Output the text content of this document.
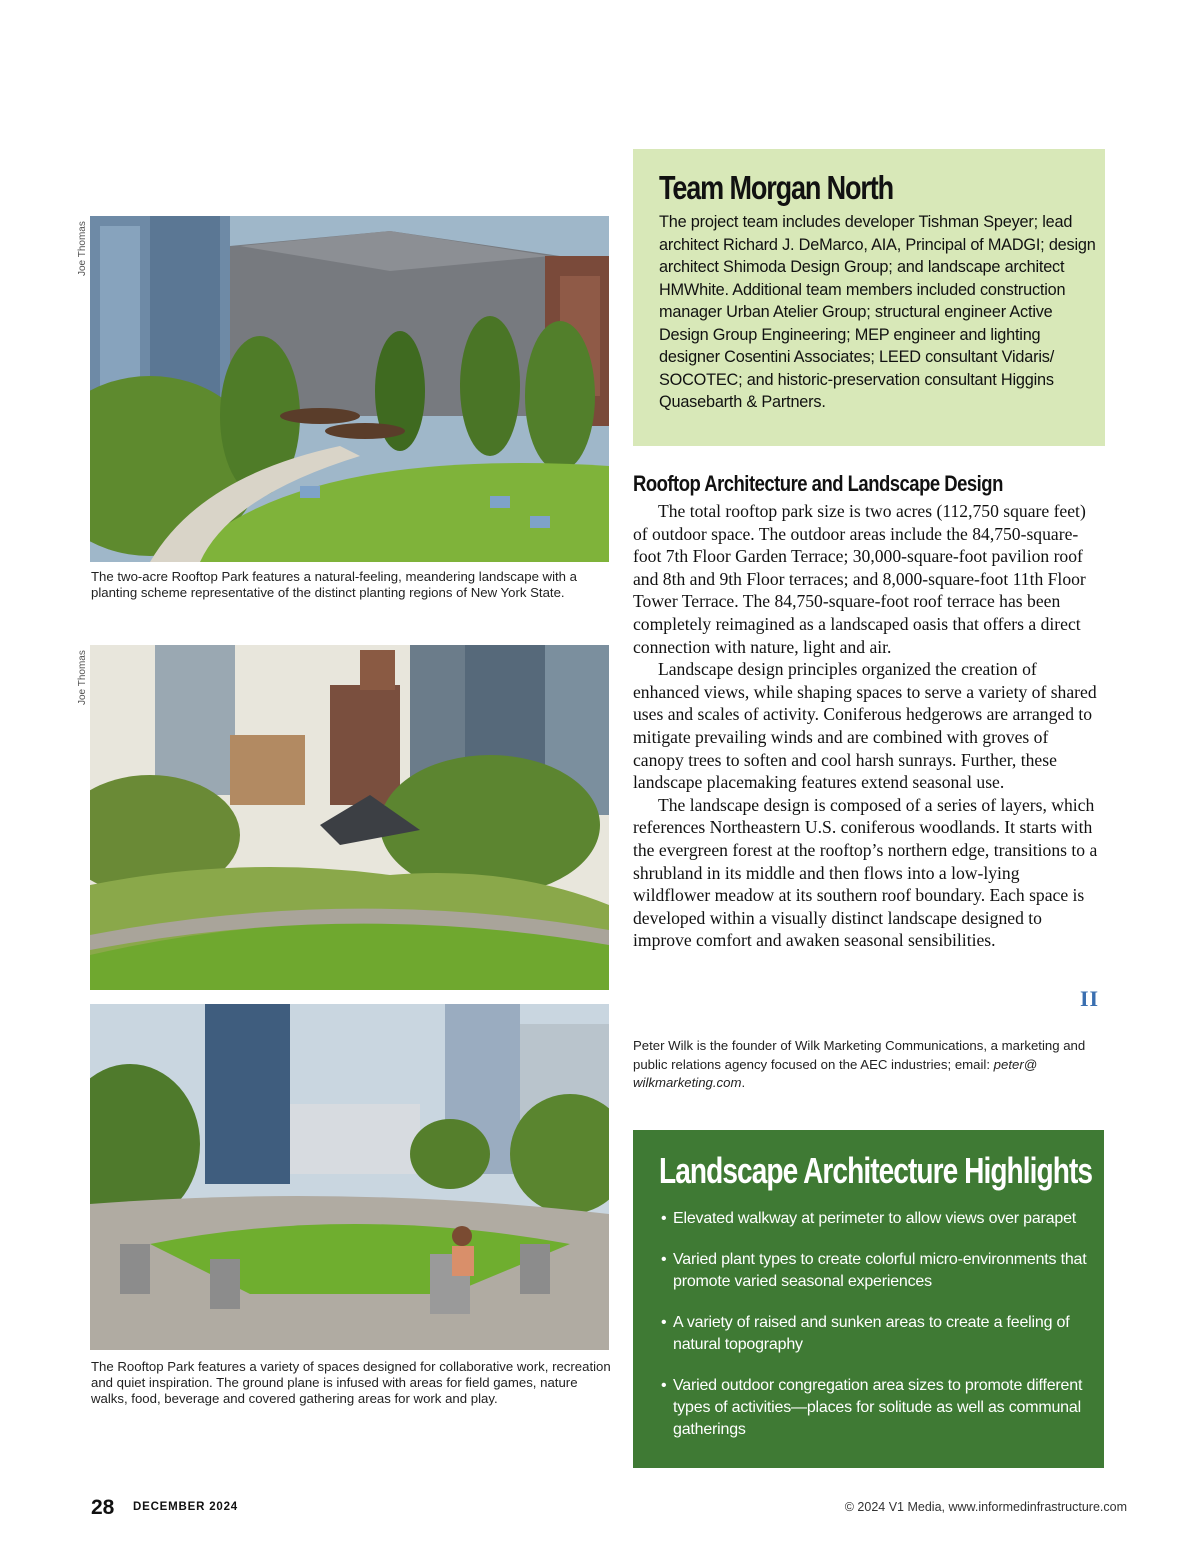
Joe Thomas
Joe Thomas
The two-acre Rooftop Park features a natural-feeling, meandering landscape with a planting scheme representative of the distinct planting regions of New York State.
The Rooftop Park features a variety of spaces designed for collaborative work, recreation and quiet inspiration. The ground plane is infused with areas for field games, nature walks, food, beverage and covered gathering areas for work and play.
Team Morgan North
The project team includes developer Tishman Speyer; lead architect Richard J. DeMarco, AIA, Principal of MADGI; design architect Shimoda Design Group; and landscape architect HMWhite. Additional team members included construction manager Urban Atelier Group; structural engineer Active Design Group Engineering; MEP engineer and lighting designer Cosentini Associates; LEED consultant Vidaris/ SOCOTEC; and historic-preservation consultant Higgins Quasebarth & Partners.
Rooftop Architecture and Landscape Design

The total rooftop park size is two acres (112,750 square feet) of outdoor space. The outdoor areas include the 84,750-square-foot 7th Floor Garden Terrace; 30,000-square-foot pavilion roof and 8th and 9th Floor terraces; and 8,000-square-foot 11th Floor Tower Terrace. The 84,750-square-foot roof terrace has been completely reimagined as a landscaped oasis that offers a direct connection with nature, light and air.

Landscape design principles organized the creation of enhanced views, while shaping spaces to serve a variety of shared uses and scales of activity. Coniferous hedgerows are arranged to mitigate prevailing winds and are combined with groves of canopy trees to soften and cool harsh sunrays. Further, these landscape placemaking features extend seasonal use.

The landscape design is composed of a series of layers, which references Northeastern U.S. coniferous woodlands. It starts with the evergreen forest at the rooftop’s northern edge, transitions to a shrubland in its middle and then flows into a low-lying wildflower meadow at its southern roof boundary. Each space is developed within a visually distinct landscape designed to improve comfort and awaken seasonal sensibilities.

II
Peter Wilk is the founder of Wilk Marketing Communications, a marketing and public relations agency focused on the AEC industries; email: peter@ wilkmarketing.com.
Landscape Architecture Highlights
• Elevated walkway at perimeter to allow views over parapet
• Varied plant types to create colorful micro-environments that promote varied seasonal experiences
• A variety of raised and sunken areas to create a feeling of natural topography
• Varied outdoor congregation area sizes to promote different types of activities—places for solitude as well as communal gatherings
28 DECEMBER 2024	© 2024 V1 Media, www.informedinfrastructure.com
